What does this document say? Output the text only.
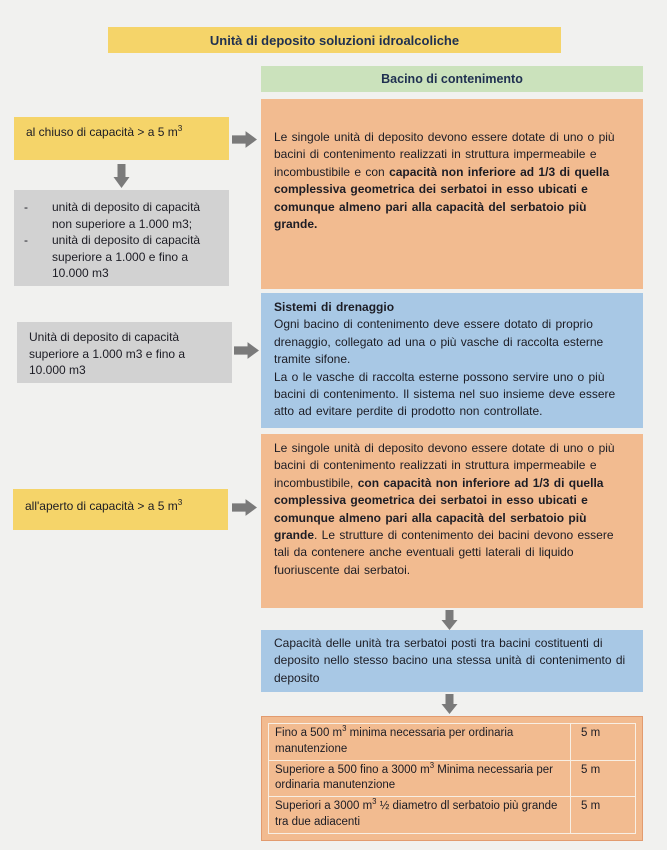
Unità di deposito soluzioni idroalcoliche
Bacino di contenimento
al chiuso di capacità > a 5 $m^3$
-	unità di deposito di capacità non superiore a 1.000 m3;
-	unità di deposito di capacità superiore a 1.000 e fino a 10.000 m3
Unità di deposito di capacità superiore a 1.000 m3 e fino a 10.000 m3
all'aperto di capacità > a 5 $m^3$
Le singole unità di deposito devono essere dotate di uno o più bacini di contenimento realizzati in struttura impermeabile e incombustibile e con capacità non inferiore ad 1/3 di quella complessiva geometrica dei serbatoi in esso ubicati e comunque almeno pari alla capacità del serbatoio più grande.
Sistemi di drenaggio
Ogni bacino di contenimento deve essere dotato di proprio drenaggio, collegato ad una o più vasche di raccolta esterne tramite sifone.
La o le vasche di raccolta esterne possono servire uno o più bacini di contenimento. Il sistema nel suo insieme deve essere atto ad evitare perdite di prodotto non controllate.
Le singole unità di deposito devono essere dotate di uno o più bacini di contenimento realizzati in struttura impermeabile e incombustibile, con capacità non inferiore ad 1/3 di quella complessiva geometrica dei serbatoi in esso ubicati e comunque almeno pari alla capacità del serbatoio più grande. Le strutture di contenimento dei bacini devono essere tali da contenere anche eventuali getti laterali di liquido fuoriuscente dai serbatoi.
Capacità delle unità tra serbatoi posti tra bacini costituenti di deposito nello stesso bacino una stessa unità di contenimento di deposito
Fino a 500 $m^3$ minima necessaria per ordinaria manutenzione	5 m
Superiore a 500 fino a 3000 $m^3$ Minima necessaria per ordinaria manutenzione	5 m
Superiori a 3000 $m^3$ ½ diametro dl serbatoio più grande tra due adiacenti	5 m
